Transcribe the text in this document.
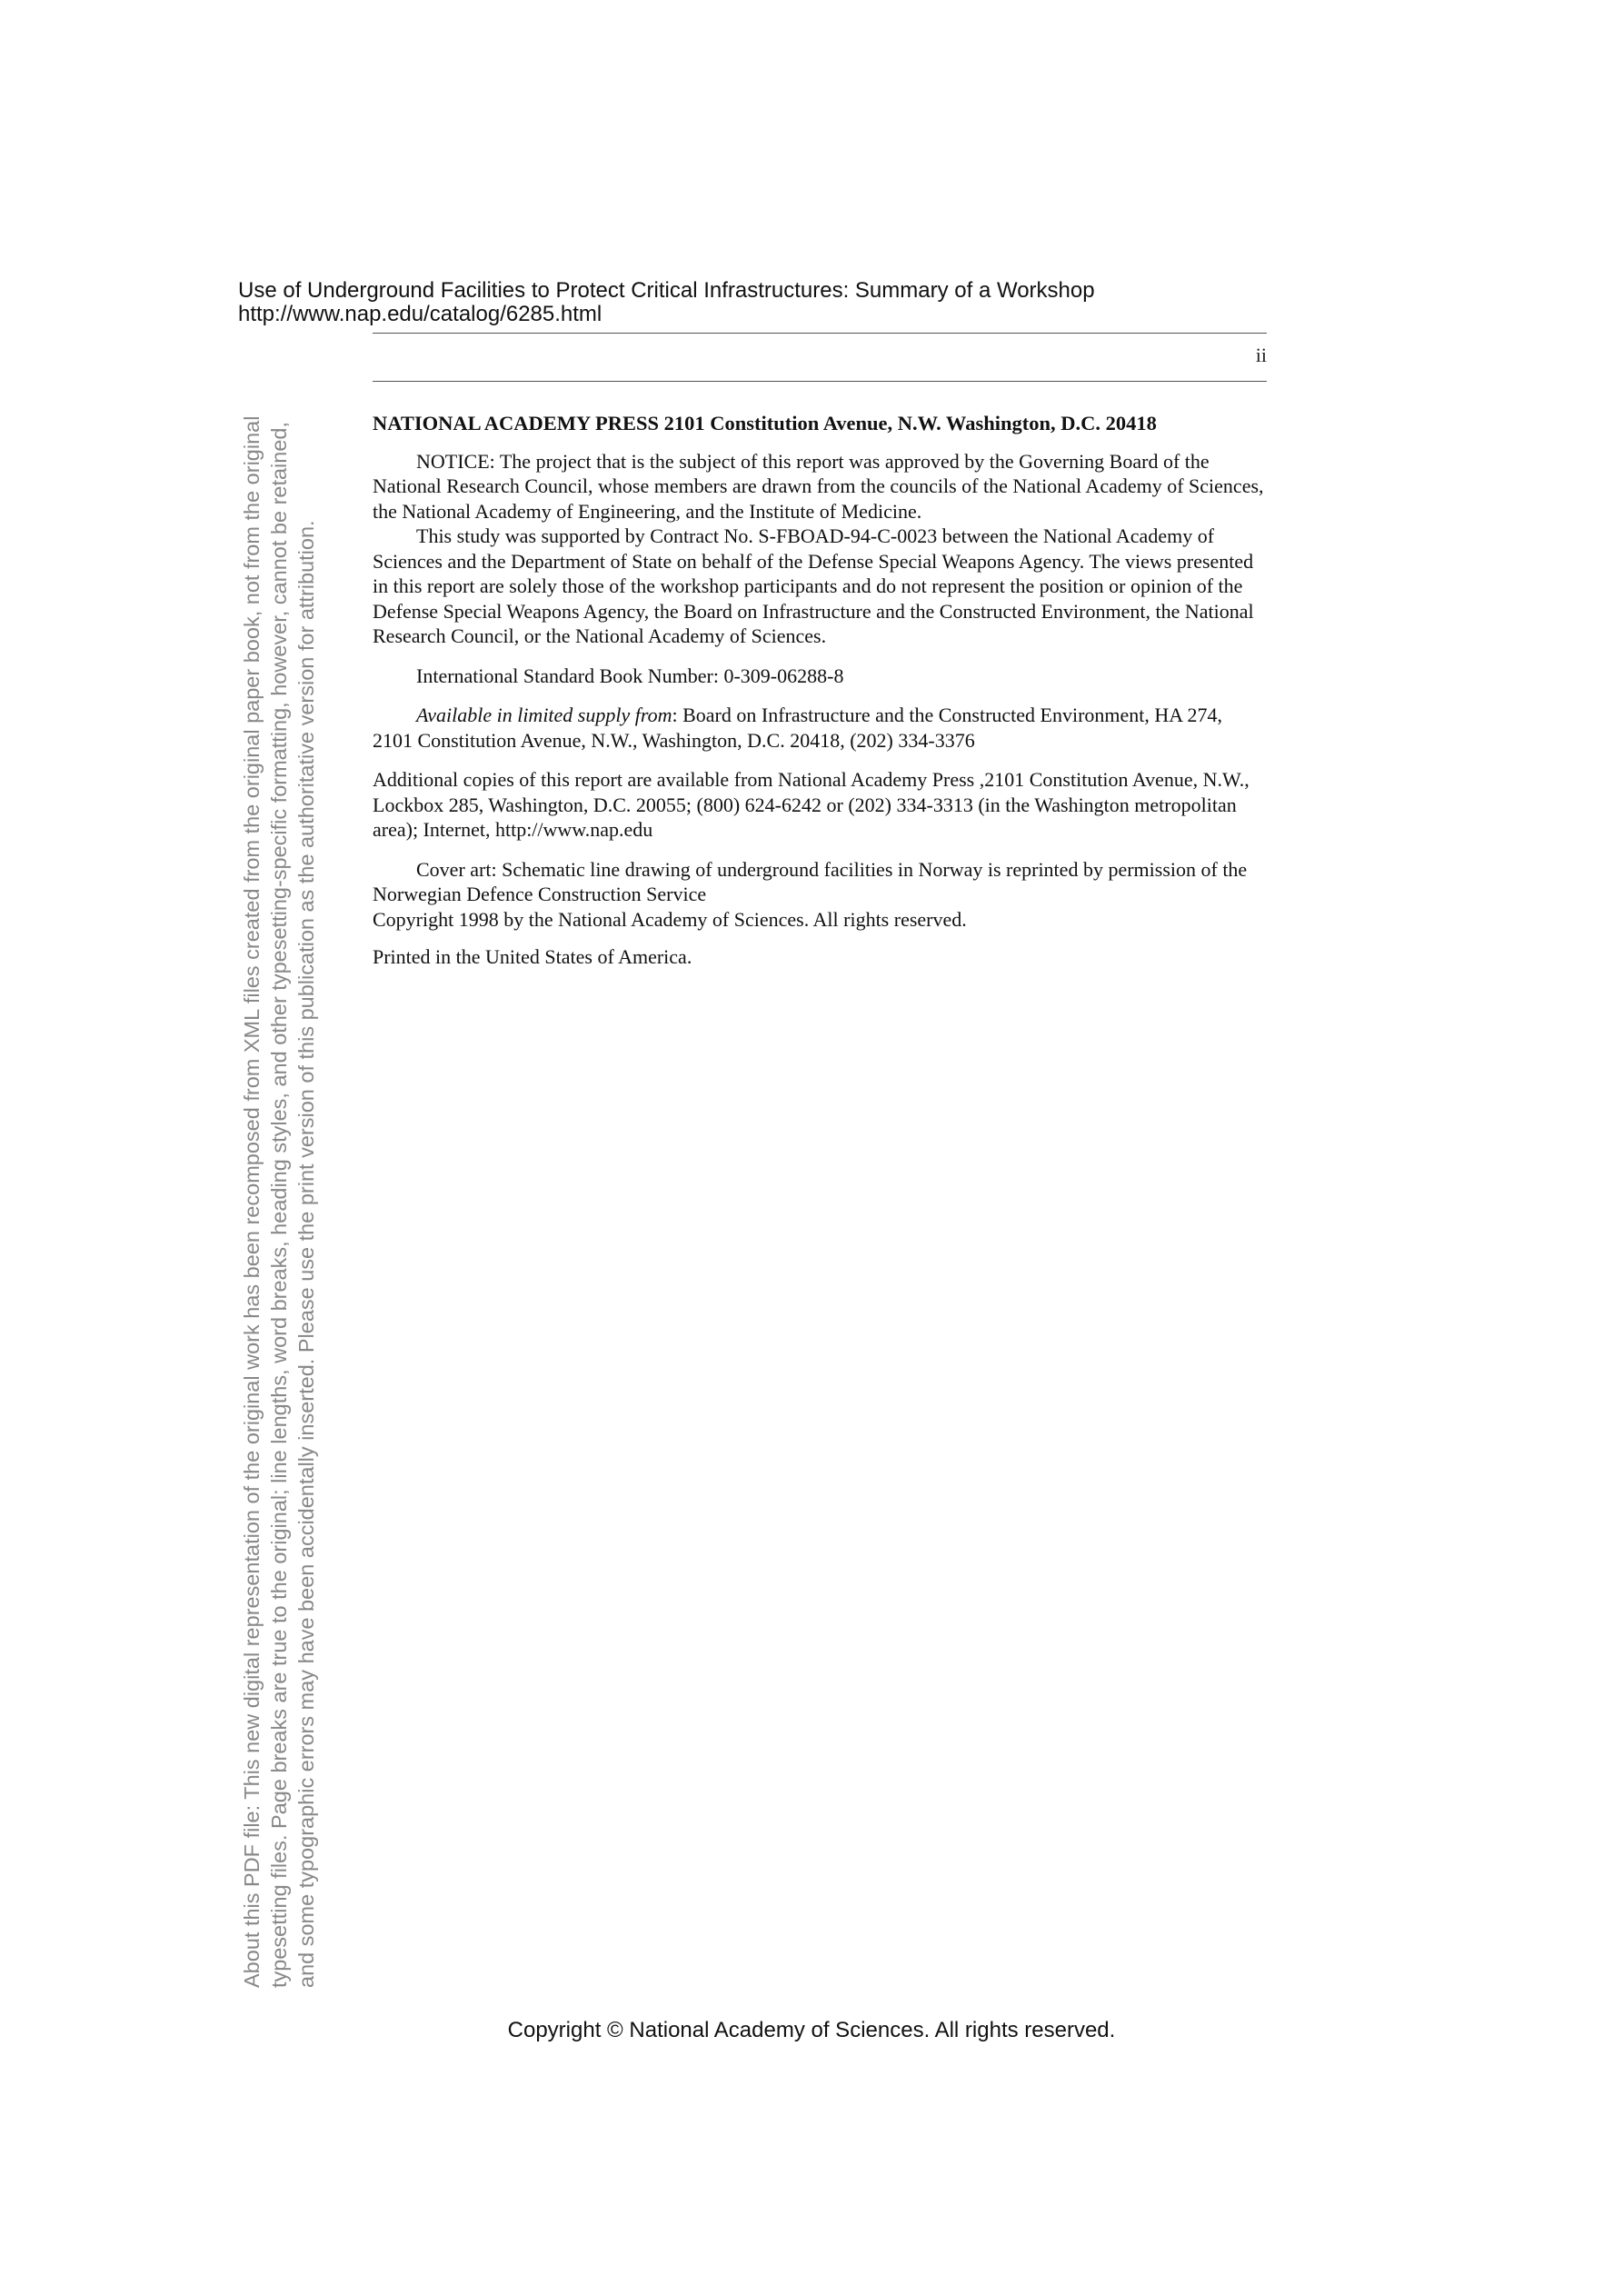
Use of Underground Facilities to Protect Critical Infrastructures: Summary of a Workshop
http://www.nap.edu/catalog/6285.html
ii
About this PDF file: This new digital representation of the original work has been recomposed from XML files created from the original paper book, not from the original typesetting files. Page breaks are true to the original; line lengths, word breaks, heading styles, and other typesetting-specific formatting, however, cannot be retained, and some typographic errors may have been accidentally inserted. Please use the print version of this publication as the authoritative version for attribution.

NATIONAL ACADEMY PRESS 2101 Constitution Avenue, N.W. Washington, D.C. 20418

NOTICE: The project that is the subject of this report was approved by the Governing Board of the National Research Council, whose members are drawn from the councils of the National Academy of Sciences, the National Academy of Engineering, and the Institute of Medicine.

This study was supported by Contract No. S-FBOAD-94-C-0023 between the National Academy of Sciences and the Department of State on behalf of the Defense Special Weapons Agency. The views presented in this report are solely those of the workshop participants and do not represent the position or opinion of the Defense Special Weapons Agency, the Board on Infrastructure and the Constructed Environment, the National Research Council, or the National Academy of Sciences.

International Standard Book Number: 0-309-06288-8

Available in limited supply from: Board on Infrastructure and the Constructed Environment, HA 274, 2101 Constitution Avenue, N.W., Washington, D.C. 20418, (202) 334-3376

Additional copies of this report are available from National Academy Press ,2101 Constitution Avenue, N.W., Lockbox 285, Washington, D.C. 20055; (800) 624-6242 or (202) 334-3313 (in the Washington metropolitan area); Internet, http://www.nap.edu

Cover art: Schematic line drawing of underground facilities in Norway is reprinted by permission of the Norwegian Defence Construction Service

Copyright 1998 by the National Academy of Sciences. All rights reserved.

Printed in the United States of America.

Copyright © National Academy of Sciences. All rights reserved.
